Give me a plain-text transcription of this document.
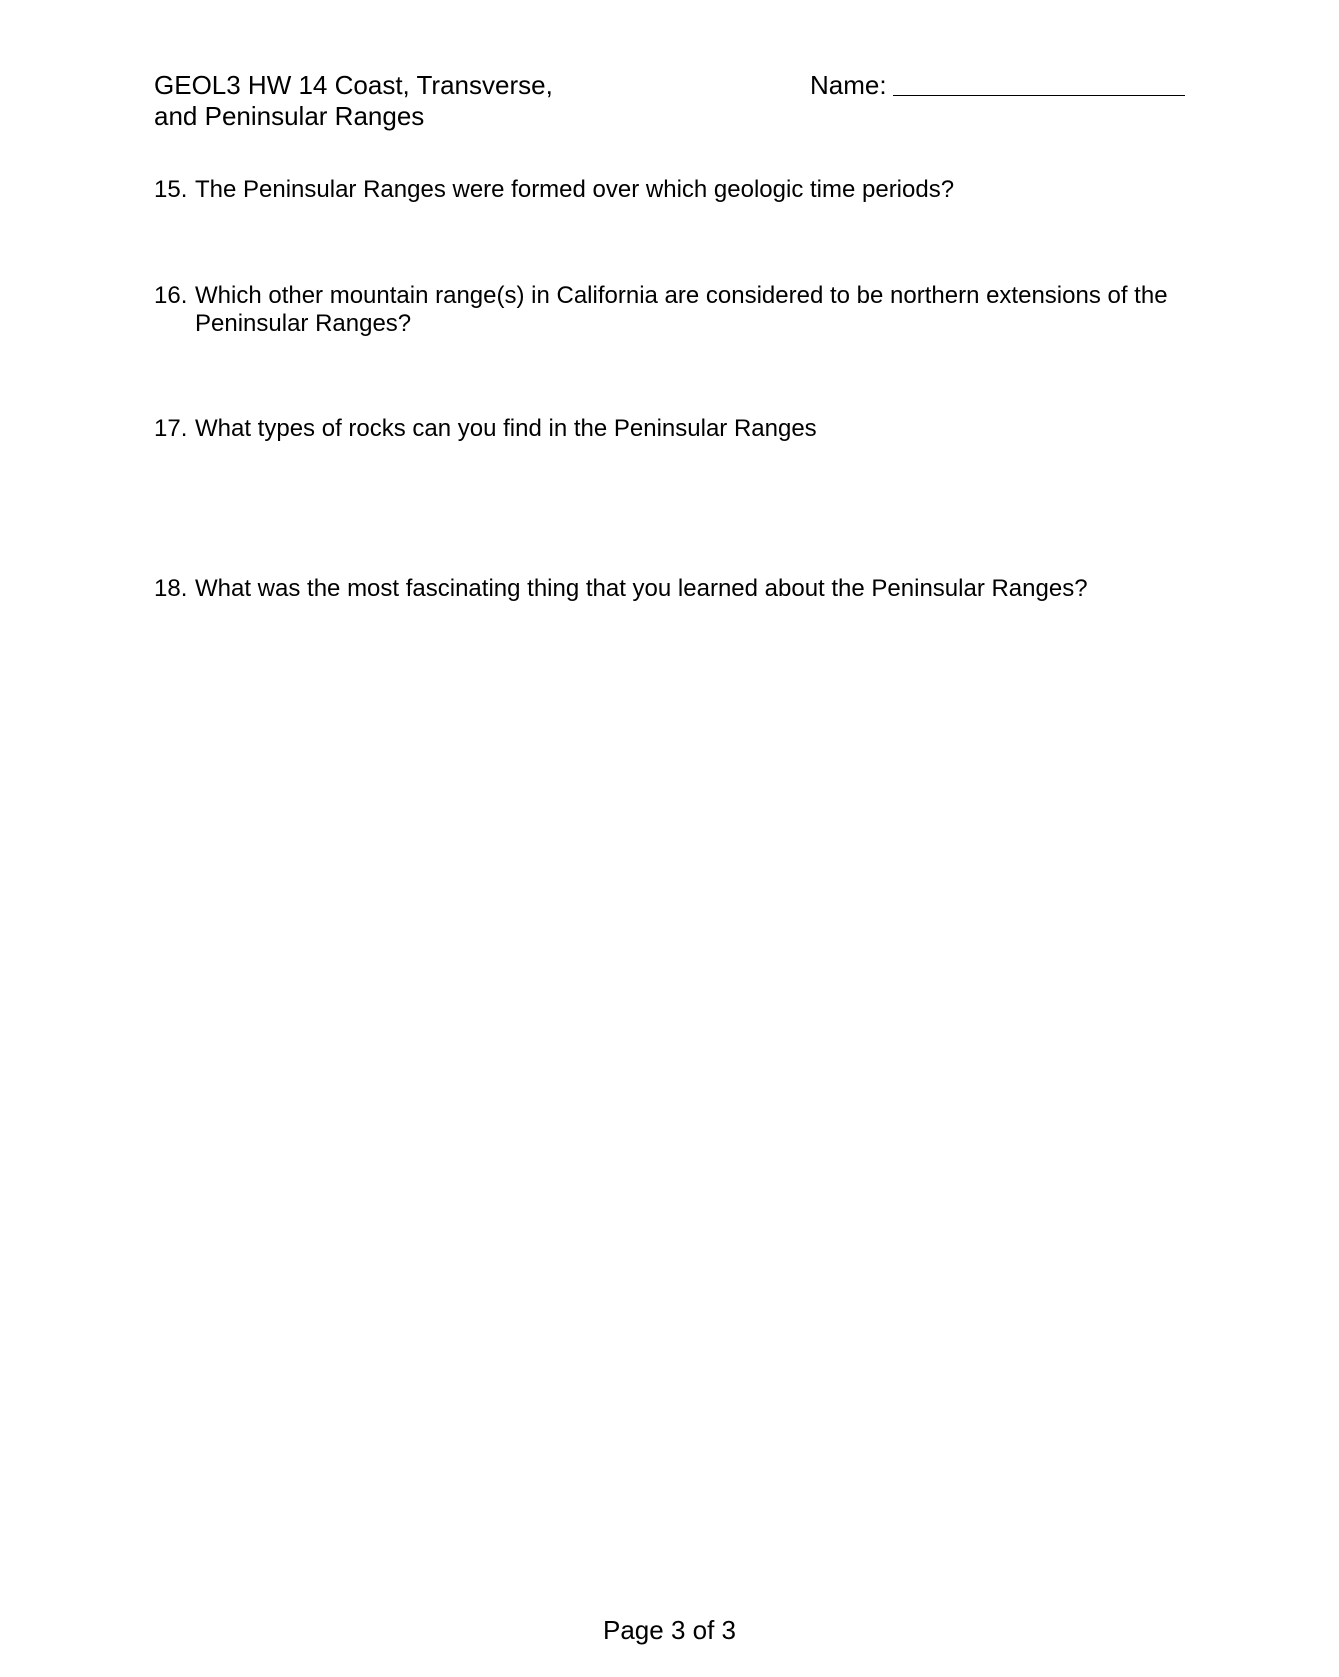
GEOL3 HW 14 Coast, Transverse,
and Peninsular Ranges
Name:
15. The Peninsular Ranges were formed over which geologic time periods?
16. Which other mountain range(s) in California are considered to be northern extensions of the Peninsular Ranges?
17. What types of rocks can you find in the Peninsular Ranges
18. What was the most fascinating thing that you learned about the Peninsular Ranges?
Page 3 of 3
